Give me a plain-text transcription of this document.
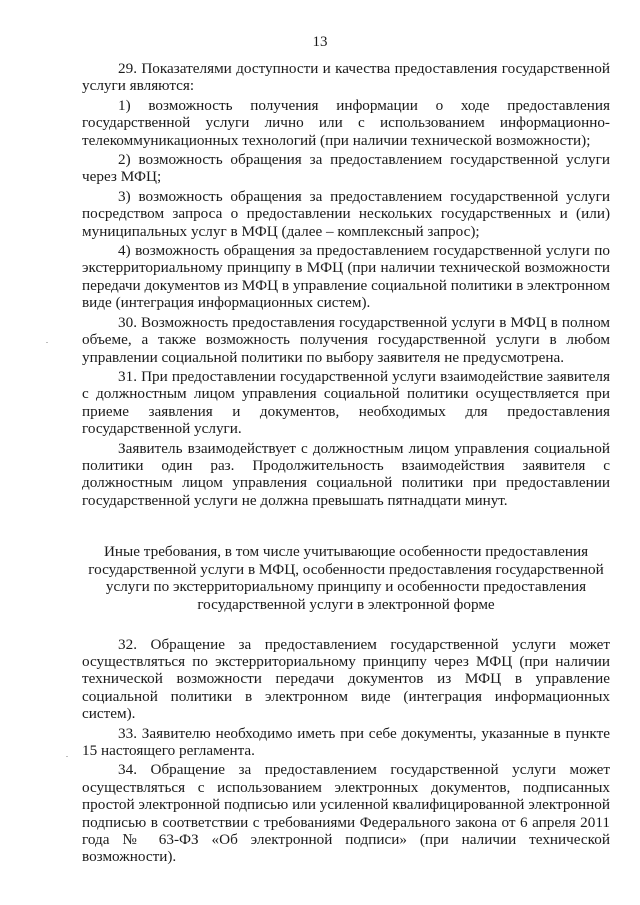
13

29. Показателями доступности и качества предоставления государственной услуги являются:

1) возможность получения информации о ходе предоставления государственной услуги лично или с использованием информационно-телекоммуникационных технологий (при наличии технической возможности);

2) возможность обращения за предоставлением государственной услуги через МФЦ;

3) возможность обращения за предоставлением государственной услуги посредством запроса о предоставлении нескольких государственных и (или) муниципальных услуг в МФЦ (далее – комплексный запрос);

4) возможность обращения за предоставлением государственной услуги по экстерриториальному принципу в МФЦ (при наличии технической возможности передачи документов из МФЦ в управление социальной политики в электронном виде (интеграция информационных систем).

30. Возможность предоставления государственной услуги в МФЦ в полном объеме, а также возможность получения государственной услуги в любом управлении социальной политики по выбору заявителя не предусмотрена.

31. При предоставлении государственной услуги взаимодействие заявителя с должностным лицом управления социальной политики осуществляется при приеме заявления и документов, необходимых для предоставления государственной услуги.

Заявитель взаимодействует с должностным лицом управления социальной политики один раз. Продолжительность взаимодействия заявителя с должностным лицом управления социальной политики при предоставлении государственной услуги не должна превышать пятнадцати минут.

Иные требования, в том числе учитывающие особенности предоставления государственной услуги в МФЦ, особенности предоставления государственной услуги по экстерриториальному принципу и особенности предоставления государственной услуги в электронной форме

32. Обращение за предоставлением государственной услуги может осуществляться по экстерриториальному принципу через МФЦ (при наличии технической возможности передачи документов из МФЦ в управление социальной политики в электронном виде (интеграция информационных систем).

33. Заявителю необходимо иметь при себе документы, указанные в пункте 15 настоящего регламента.

34. Обращение за предоставлением государственной услуги может осуществляться с использованием электронных документов, подписанных простой электронной подписью или усиленной квалифицированной электронной подписью в соответствии с требованиями Федерального закона от 6 апреля 2011 года № 63-ФЗ «Об электронной подписи» (при наличии технической возможности).
